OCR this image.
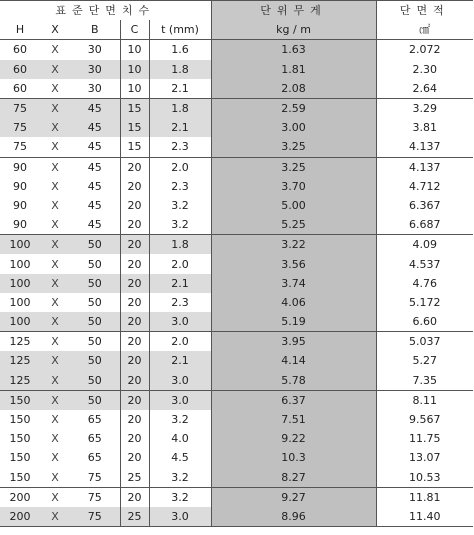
표준단면치수					단위무게	단면적
H	X	B	C	t (mm)	kg / m	㎠
60	X	30	10	1.6	1.63	2.072
60	X	30	10	1.8	1.81	2.30
60	X	30	10	2.1	2.08	2.64
75	X	45	15	1.8	2.59	3.29
75	X	45	15	2.1	3.00	3.81
75	X	45	15	2.3	3.25	4.137
90	X	45	20	2.0	3.25	4.137
90	X	45	20	2.3	3.70	4.712
90	X	45	20	3.2	5.00	6.367
90	X	45	20	3.2	5.25	6.687
100	X	50	20	1.8	3.22	4.09
100	X	50	20	2.0	3.56	4.537
100	X	50	20	2.1	3.74	4.76
100	X	50	20	2.3	4.06	5.172
100	X	50	20	3.0	5.19	6.60
125	X	50	20	2.0	3.95	5.037
125	X	50	20	2.1	4.14	5.27
125	X	50	20	3.0	5.78	7.35
150	X	50	20	3.0	6.37	8.11
150	X	65	20	3.2	7.51	9.567
150	X	65	20	4.0	9.22	11.75
150	X	65	20	4.5	10.3	13.07
150	X	75	25	3.2	8.27	10.53
200	X	75	20	3.2	9.27	11.81
200	X	75	25	3.0	8.96	11.40
